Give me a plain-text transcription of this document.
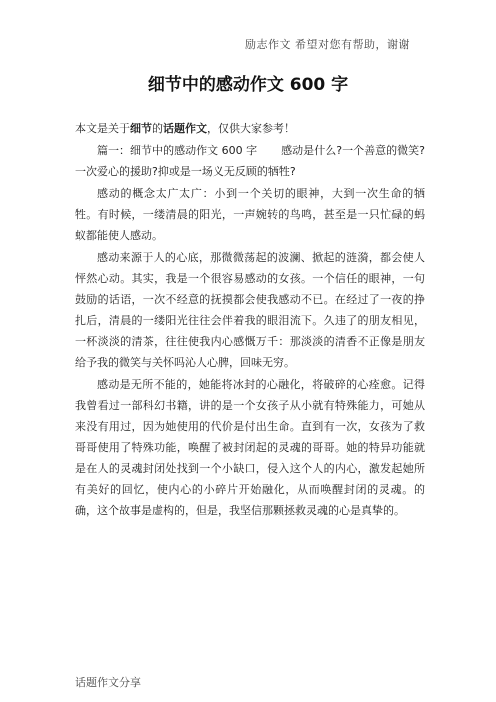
励志作文 希望对您有帮助，谢谢
细节中的感动作文 600 字

本文是关于细节的话题作文，仅供大家参考！

篇一：细节中的感动作文 600 字 感动是什么?一个善意的微笑?一次爱心的援助?抑或是一场义无反顾的牺牲?

感动的概念太广太广：小到一个关切的眼神，大到一次生命的牺牲。有时候，一缕清晨的阳光，一声婉转的鸟鸣，甚至是一只忙碌的蚂蚁都能使人感动。

感动来源于人的心底，那微微荡起的波澜、掀起的涟漪，都会使人怦然心动。其实，我是一个很容易感动的女孩。一个信任的眼神，一句鼓励的话语，一次不经意的抚摸都会使我感动不已。在经过了一夜的挣扎后，清晨的一缕阳光往往会伴着我的眼泪流下。久违了的朋友相见，一杯淡淡的清茶，往往使我内心感慨万千：那淡淡的清香不正像是朋友给予我的微笑与关怀吗沁人心脾，回味无穷。

感动是无所不能的，她能将冰封的心融化，将破碎的心痊愈。记得我曾看过一部科幻书籍，讲的是一个女孩子从小就有特殊能力，可她从来没有用过，因为她使用的代价是付出生命。直到有一次，女孩为了救哥哥使用了特殊功能，唤醒了被封闭起的灵魂的哥哥。她的特异功能就是在人的灵魂封闭处找到一个小缺口，侵入这个人的内心，激发起她所有美好的回忆，使内心的小碎片开始融化，从而唤醒封闭的灵魂。的确，这个故事是虚构的，但是，我坚信那颗拯救灵魂的心是真挚的。

话题作文分享
